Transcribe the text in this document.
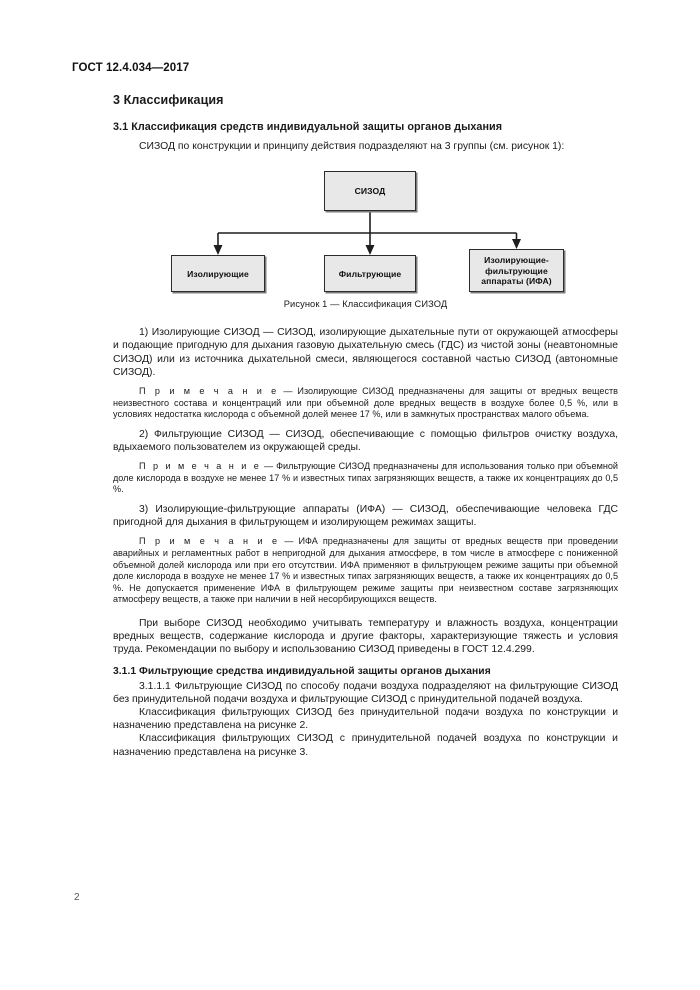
ГОСТ 12.4.034—2017
3 Классификация
3.1 Классификация средств индивидуальной защиты органов дыхания

СИЗОД по конструкции и принципу действия подразделяют на 3 группы (см. рисунок 1):

СИЗОД
Изолирующие	Фильтрующие
Изолирующие-фильтрующие аппараты (ИФА)
Рисунок 1 — Классификация СИЗОД

1) Изолирующие СИЗОД — СИЗОД, изолирующие дыхательные пути от окружающей атмосферы и подающие пригодную для дыхания газовую дыхательную смесь (ГДС) из чистой зоны (неавтономные СИЗОД) или из источника дыхательной смеси, являющегося составной частью СИЗОД (автономные СИЗОД).

П р и м е ч а н и е — Изолирующие СИЗОД предназначены для защиты от вредных веществ неизвестного состава и концентраций или при объемной доле вредных веществ в воздухе более 0,5 %, или в условиях недостатка кислорода с объемной долей менее 17 %, или в замкнутых пространствах малого объема.

2) Фильтрующие СИЗОД — СИЗОД, обеспечивающие с помощью фильтров очистку воздуха, вдыхаемого пользователем из окружающей среды.

П р и м е ч а н и е — Фильтрующие СИЗОД предназначены для использования только при объемной доле кислорода в воздухе не менее 17 % и известных типах загрязняющих веществ, а также их концентрациях до 0,5 %.

3) Изолирующие-фильтрующие аппараты (ИФА) — СИЗОД, обеспечивающие человека ГДС пригодной для дыхания в фильтрующем и изолирующем режимах защиты.

П р и м е ч а н и е — ИФА предназначены для защиты от вредных веществ при проведении аварийных и регламентных работ в непригодной для дыхания атмосфере, в том числе в атмосфере с пониженной объемной долей кислорода или при его отсутствии. ИФА применяют в фильтрующем режиме защиты при объемной доле кислорода в воздухе не менее 17 % и известных типах загрязняющих веществ, а также их концентрациях до 0,5 %. Не допускается применение ИФА в фильтрующем режиме защиты при неизвестном составе загрязняющих атмосферу веществ, а также при наличии в ней несорбирующихся веществ.

При выборе СИЗОД необходимо учитывать температуру и влажность воздуха, концентрации вредных веществ, содержание кислорода и другие факторы, характеризующие тяжесть и условия труда. Рекомендации по выбору и использованию СИЗОД приведены в ГОСТ 12.4.299.

3.1.1 Фильтрующие средства индивидуальной защиты органов дыхания

3.1.1.1 Фильтрующие СИЗОД по способу подачи воздуха подразделяют на фильтрующие СИЗОД без принудительной подачи воздуха и фильтрующие СИЗОД с принудительной подачей воздуха.

Классификация фильтрующих СИЗОД без принудительной подачи воздуха по конструкции и назначению представлена на рисунке 2.

Классификация фильтрующих СИЗОД с принудительной подачей воздуха по конструкции и назначению представлена на рисунке 3.

2
